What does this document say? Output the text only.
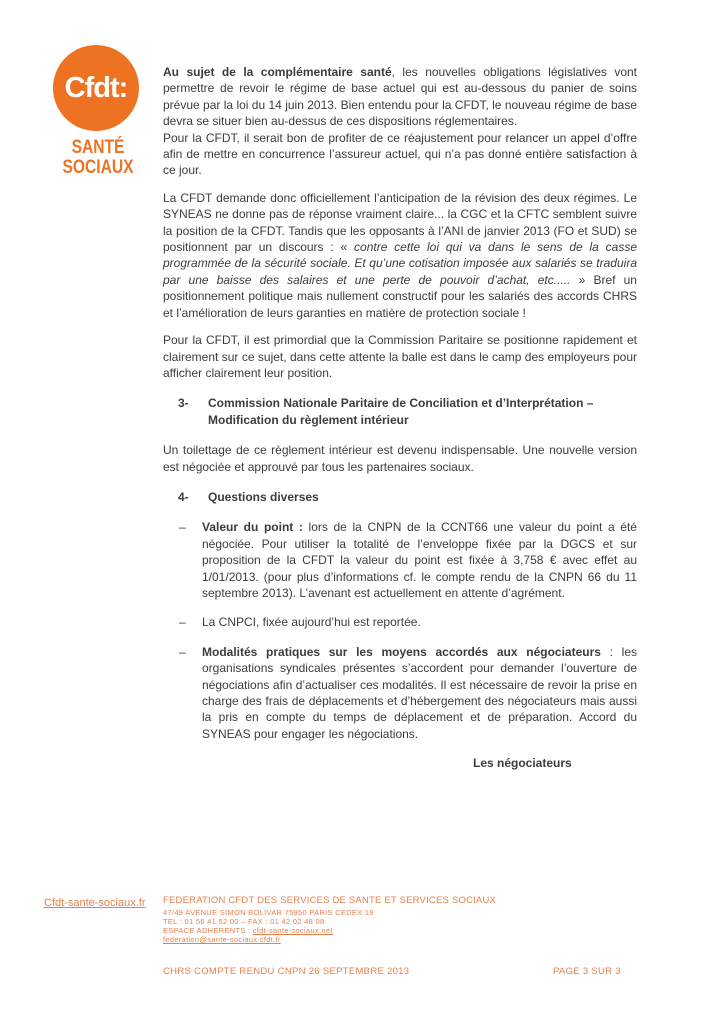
Cfdt:
SANTÉ
SOCIAUX

Au sujet de la complémentaire santé, les nouvelles obligations législatives vont permettre de revoir le régime de base actuel qui est au-dessous du panier de soins prévue par la loi du 14 juin 2013. Bien entendu pour la CFDT, le nouveau régime de base devra se situer bien au-dessus de ces dispositions réglementaires.

Pour la CFDT, il serait bon de profiter de ce réajustement pour relancer un appel d’offre afin de mettre en concurrence l’assureur actuel, qui n’a pas donné entière satisfaction à ce jour.

La CFDT demande donc officiellement l’anticipation de la révision des deux régimes. Le SYNEAS ne donne pas de réponse vraiment claire... la CGC et la CFTC semblent suivre la position de la CFDT. Tandis que les opposants à l’ANI de janvier 2013 (FO et SUD) se positionnent par un discours : « contre cette loi qui va dans le sens de la casse programmée de la sécurité sociale. Et qu’une cotisation imposée aux salariés se traduira par une baisse des salaires et une perte de pouvoir d’achat, etc..... » Bref un positionnement politique mais nullement constructif pour les salariés des accords CHRS et l’amélioration de leurs garanties en matière de protection sociale !

Pour la CFDT, il est primordial que la Commission Paritaire se positionne rapidement et clairement sur ce sujet, dans cette attente la balle est dans le camp des employeurs pour afficher clairement leur position.

3-	Commission Nationale Paritaire de Conciliation et d’Interprétation – Modification du règlement intérieur

Un toilettage de ce règlement intérieur est devenu indispensable. Une nouvelle version est négociée et approuvé par tous les partenaires sociaux.

4-	Questions diverses
–	Valeur du point : lors de la CNPN de la CCNT66 une valeur du point a été négociée. Pour utiliser la totalité de l’enveloppe fixée par la DGCS et sur proposition de la CFDT la valeur du point est fixée à 3,758 € avec effet au 1/01/2013. (pour plus d’informations cf. le compte rendu de la CNPN 66 du 11 septembre 2013). L’avenant est actuellement en attente d’agrément.
–	La CNPCI, fixée aujourd’hui est reportée.
–	Modalités pratiques sur les moyens accordés aux négociateurs : les organisations syndicales présentes s’accordent pour demander l’ouverture de négociations afin d’actualiser ces modalités. Il est nécessaire de revoir la prise en charge des frais de déplacements et d’hébergement des négociateurs mais aussi la pris en compte du temps de déplacement et de préparation. Accord du SYNEAS pour engager les négociations.
Les négociateurs
Cfdt-sante-sociaux.fr FEDERATION CFDT DES SERVICES DE SANTE ET SERVICES SOCIAUX

47/49 AVENUE SIMON BOLIVAR 75950 PARIS CEDEX 19

TEL : 01 56 41 52 00 – FAX : 01 42 02 48 08

ESPACE ADHERENTS : cfdt-sante-sociaux.net

federation@sante-sociaux.cfdt.fr

CHRS COMPTE RENDU CNPN 26 SEPTEMBRE 2013	PAGE 3 SUR 3
